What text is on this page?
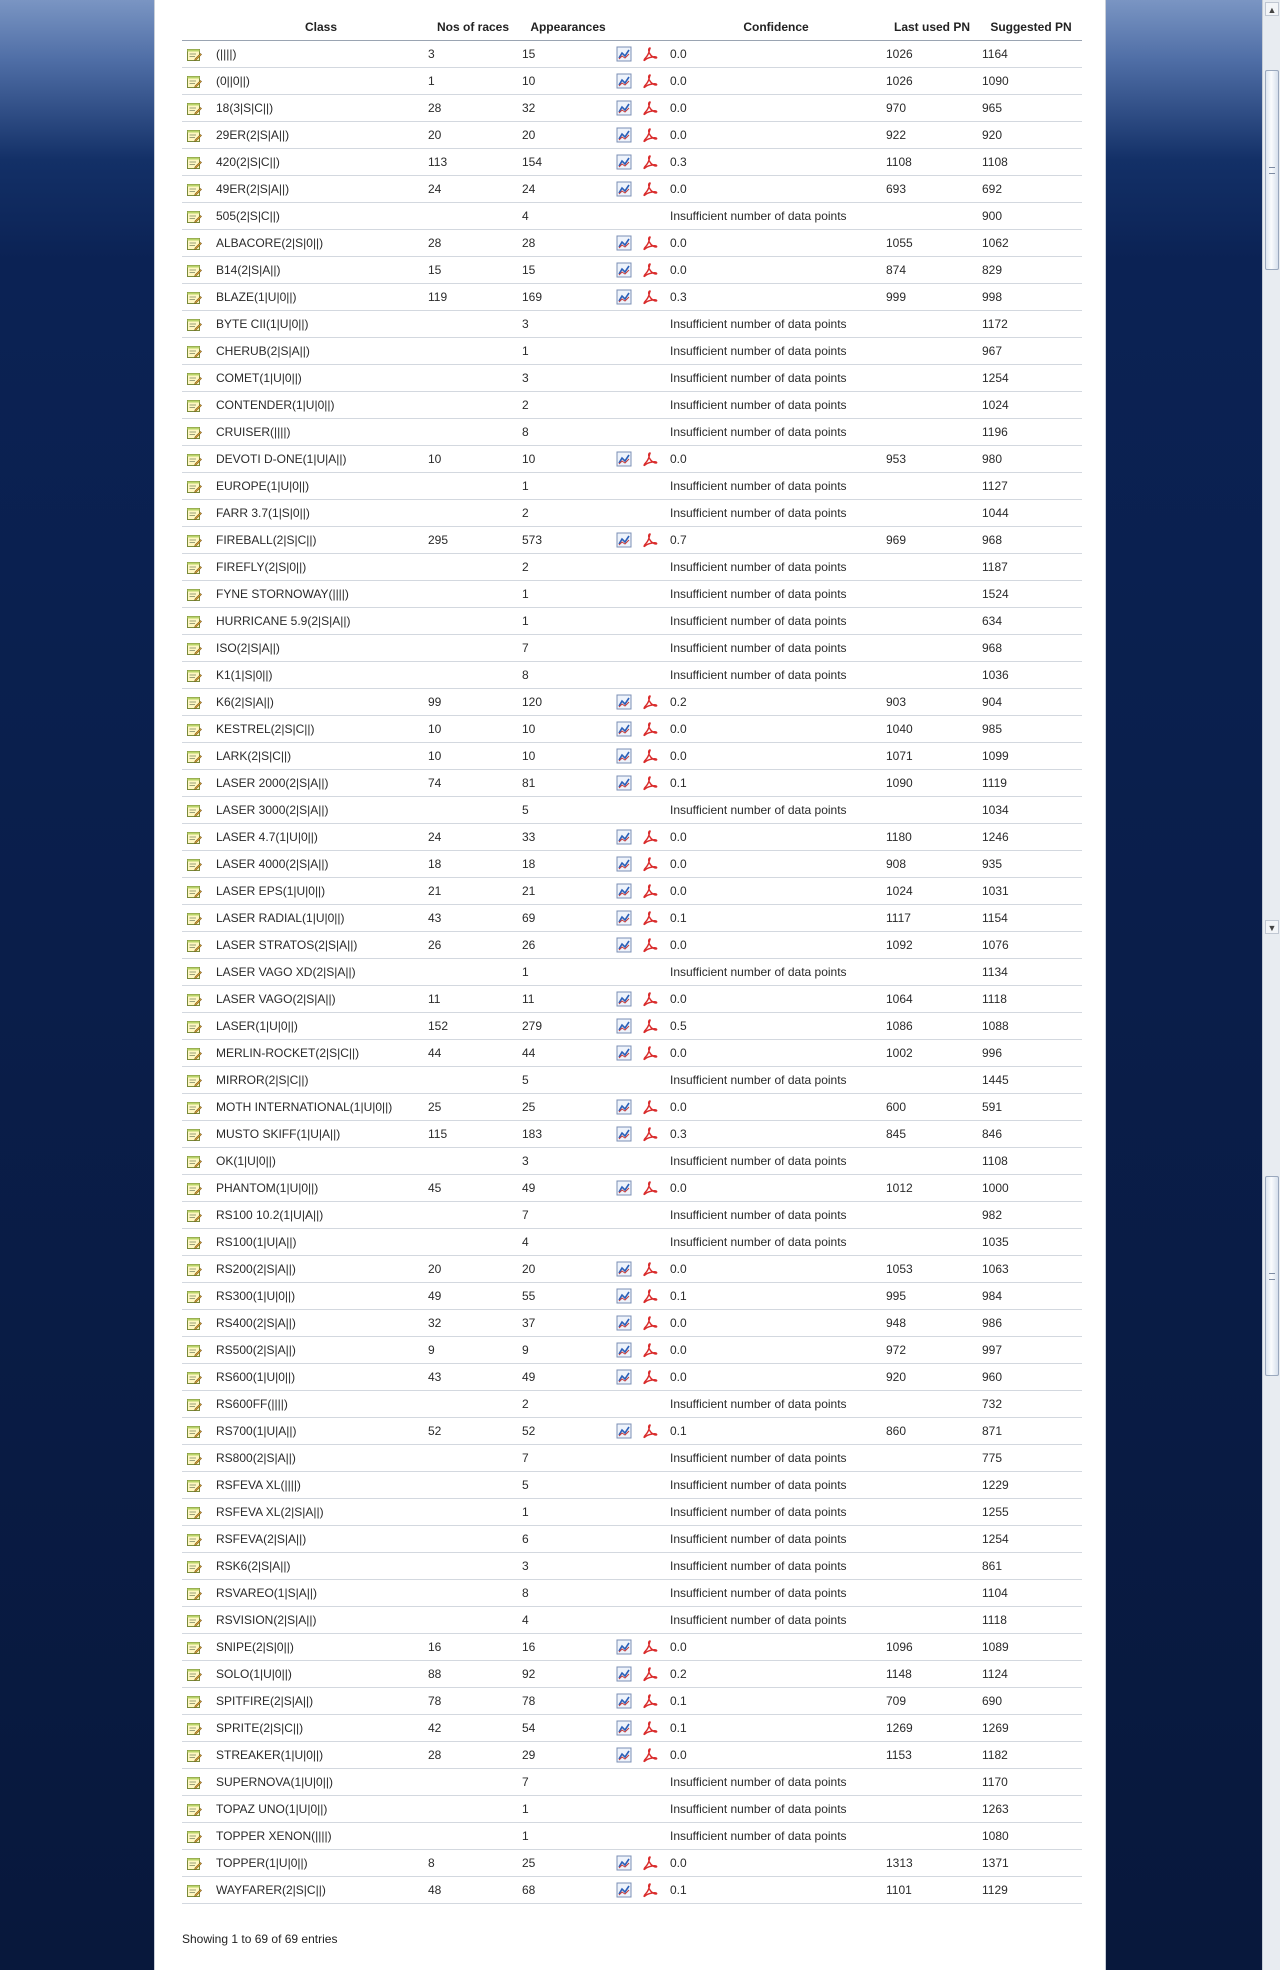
	Class	Nos of races	Appearances			Confidence	Last used PN	Suggested PN
	(||||)	3	15			0.0	1026	1164
	(0||0||)	1	10			0.0	1026	1090
	18(3|S|C||)	28	32			0.0	970	965
	29ER(2|S|A||)	20	20			0.0	922	920
	420(2|S|C||)	113	154			0.3	1108	1108
	49ER(2|S|A||)	24	24			0.0	693	692
	505(2|S|C||)		4			Insufficient number of data points		900
	ALBACORE(2|S|0||)	28	28			0.0	1055	1062
	B14(2|S|A||)	15	15			0.0	874	829
	BLAZE(1|U|0||)	119	169			0.3	999	998
	BYTE CII(1|U|0||)		3			Insufficient number of data points		1172
	CHERUB(2|S|A||)		1			Insufficient number of data points		967
	COMET(1|U|0||)		3			Insufficient number of data points		1254
	CONTENDER(1|U|0||)		2			Insufficient number of data points		1024
	CRUISER(||||)		8			Insufficient number of data points		1196
	DEVOTI D-ONE(1|U|A||)	10	10			0.0	953	980
	EUROPE(1|U|0||)		1			Insufficient number of data points		1127
	FARR 3.7(1|S|0||)		2			Insufficient number of data points		1044
	FIREBALL(2|S|C||)	295	573			0.7	969	968
	FIREFLY(2|S|0||)		2			Insufficient number of data points		1187
	FYNE STORNOWAY(||||)		1			Insufficient number of data points		1524
	HURRICANE 5.9(2|S|A||)		1			Insufficient number of data points		634
	ISO(2|S|A||)		7			Insufficient number of data points		968
	K1(1|S|0||)		8			Insufficient number of data points		1036
	K6(2|S|A||)	99	120			0.2	903	904
	KESTREL(2|S|C||)	10	10			0.0	1040	985
	LARK(2|S|C||)	10	10			0.0	1071	1099
	LASER 2000(2|S|A||)	74	81			0.1	1090	1119
	LASER 3000(2|S|A||)		5			Insufficient number of data points		1034
	LASER 4.7(1|U|0||)	24	33			0.0	1180	1246
	LASER 4000(2|S|A||)	18	18			0.0	908	935
	LASER EPS(1|U|0||)	21	21			0.0	1024	1031
	LASER RADIAL(1|U|0||)	43	69			0.1	1117	1154
	LASER STRATOS(2|S|A||)	26	26			0.0	1092	1076
	LASER VAGO XD(2|S|A||)		1			Insufficient number of data points		1134
	LASER VAGO(2|S|A||)	11	11			0.0	1064	1118
	LASER(1|U|0||)	152	279			0.5	1086	1088
	MERLIN-ROCKET(2|S|C||)	44	44			0.0	1002	996
	MIRROR(2|S|C||)		5			Insufficient number of data points		1445
	MOTH INTERNATIONAL(1|U|0||)	25	25			0.0	600	591
	MUSTO SKIFF(1|U|A||)	115	183			0.3	845	846
	OK(1|U|0||)		3			Insufficient number of data points		1108
	PHANTOM(1|U|0||)	45	49			0.0	1012	1000
	RS100 10.2(1|U|A||)		7			Insufficient number of data points		982
	RS100(1|U|A||)		4			Insufficient number of data points		1035
	RS200(2|S|A||)	20	20			0.0	1053	1063
	RS300(1|U|0||)	49	55			0.1	995	984
	RS400(2|S|A||)	32	37			0.0	948	986
	RS500(2|S|A||)	9	9			0.0	972	997
	RS600(1|U|0||)	43	49			0.0	920	960
	RS600FF(||||)		2			Insufficient number of data points		732
	RS700(1|U|A||)	52	52			0.1	860	871
	RS800(2|S|A||)		7			Insufficient number of data points		775
	RSFEVA XL(||||)		5			Insufficient number of data points		1229
	RSFEVA XL(2|S|A||)		1			Insufficient number of data points		1255
	RSFEVA(2|S|A||)		6			Insufficient number of data points		1254
	RSK6(2|S|A||)		3			Insufficient number of data points		861
	RSVAREO(1|S|A||)		8			Insufficient number of data points		1104
	RSVISION(2|S|A||)		4			Insufficient number of data points		1118
	SNIPE(2|S|0||)	16	16			0.0	1096	1089
	SOLO(1|U|0||)	88	92			0.2	1148	1124
	SPITFIRE(2|S|A||)	78	78			0.1	709	690
	SPRITE(2|S|C||)	42	54			0.1	1269	1269
	STREAKER(1|U|0||)	28	29			0.0	1153	1182
	SUPERNOVA(1|U|0||)		7			Insufficient number of data points		1170
	TOPAZ UNO(1|U|0||)		1			Insufficient number of data points		1263
	TOPPER XENON(||||)		1			Insufficient number of data points		1080
	TOPPER(1|U|0||)	8	25			0.0	1313	1371
	WAYFARER(2|S|C||)	48	68			0.1	1101	1129
Showing 1 to 69 of 69 entries
▲
▼
